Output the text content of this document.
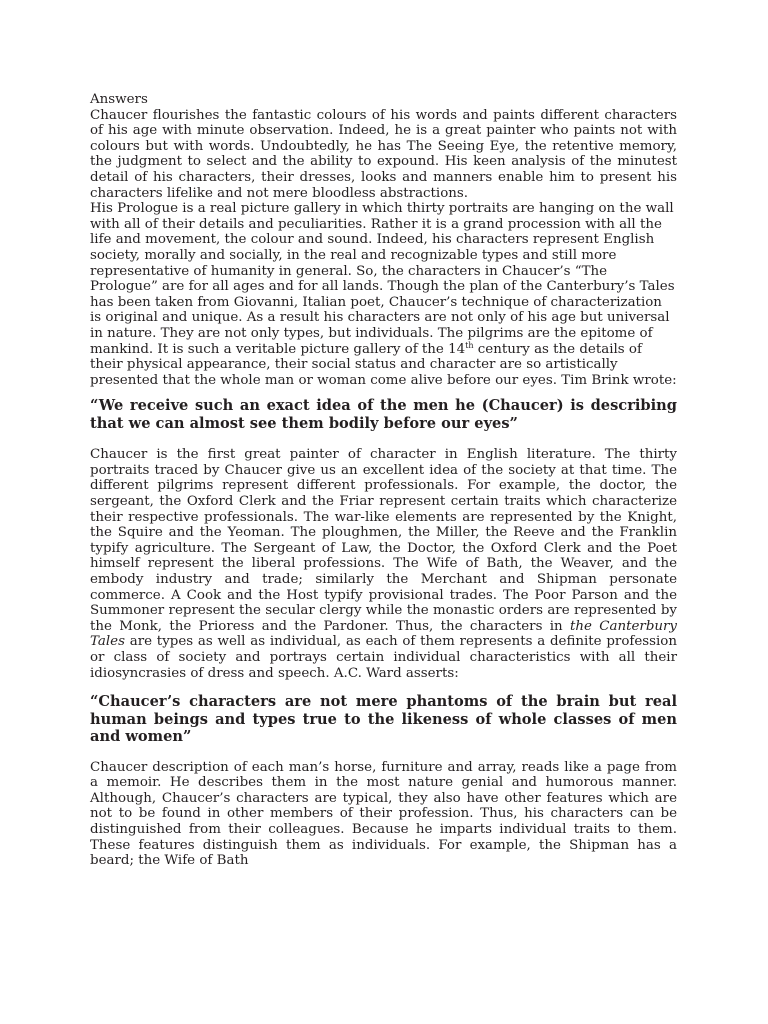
Answers

Chaucer flourishes the fantastic colours of his words and paints different characters of his age with minute observation. Indeed, he is a great painter who paints not with colours but with words. Undoubtedly, he has The Seeing Eye, the retentive memory, the judgment to select and the ability to expound. His keen analysis of the minutest detail of his characters, their dresses, looks and manners enable him to present his characters lifelike and not mere bloodless abstractions.

His Prologue is a real picture gallery in which thirty portraits are hanging on the wall with all of their details and peculiarities. Rather it is a grand procession with all the life and movement, the colour and sound. Indeed, his characters represent English society, morally and socially, in the real and recognizable types and still more representative of humanity in general. So, the characters in Chaucer’s “The Prologue” are for all ages and for all lands. Though the plan of the Canterbury’s Tales has been taken from Giovanni, Italian poet, Chaucer’s technique of characterization is original and unique. As a result his characters are not only of his age but universal in nature. They are not only types, but individuals. The pilgrims are the epitome of mankind. It is such a veritable picture gallery of the 14th century as the details of their physical appearance, their social status and character are so artistically presented that the whole man or woman come alive before our eyes. Tim Brink wrote:

“We receive such an exact idea of the men he (Chaucer) is describing that we can almost see them bodily before our eyes”

Chaucer is the first great painter of character in English literature. The thirty portraits traced by Chaucer give us an excellent idea of the society at that time. The different pilgrims represent different professionals. For example, the doctor, the sergeant, the Oxford Clerk and the Friar represent certain traits which characterize their respective professionals. The war-like elements are represented by the Knight, the Squire and the Yeoman. The ploughmen, the Miller, the Reeve and the Franklin typify agriculture. The Sergeant of Law, the Doctor, the Oxford Clerk and the Poet himself represent the liberal professions. The Wife of Bath, the Weaver, and the embody industry and trade; similarly the Merchant and Shipman personate commerce. A Cook and the Host typify provisional trades. The Poor Parson and the Summoner represent the secular clergy while the monastic orders are represented by the Monk, the Prioress and the Pardoner. Thus, the characters in the Canterbury Tales are types as well as individual, as each of them represents a definite profession or class of society and portrays certain individual characteristics with all their idiosyncrasies of dress and speech. A.C. Ward asserts:

“Chaucer’s characters are not mere phantoms of the brain but real human beings and types true to the likeness of whole classes of men and women”

Chaucer description of each man’s horse, furniture and array, reads like a page from a memoir. He describes them in the most nature genial and humorous manner. Although, Chaucer’s characters are typical, they also have other features which are not to be found in other members of their profession. Thus, his characters can be distinguished from their colleagues. Because he imparts individual traits to them. These features distinguish them as individuals. For example, the Shipman has a beard; the Wife of Bath
